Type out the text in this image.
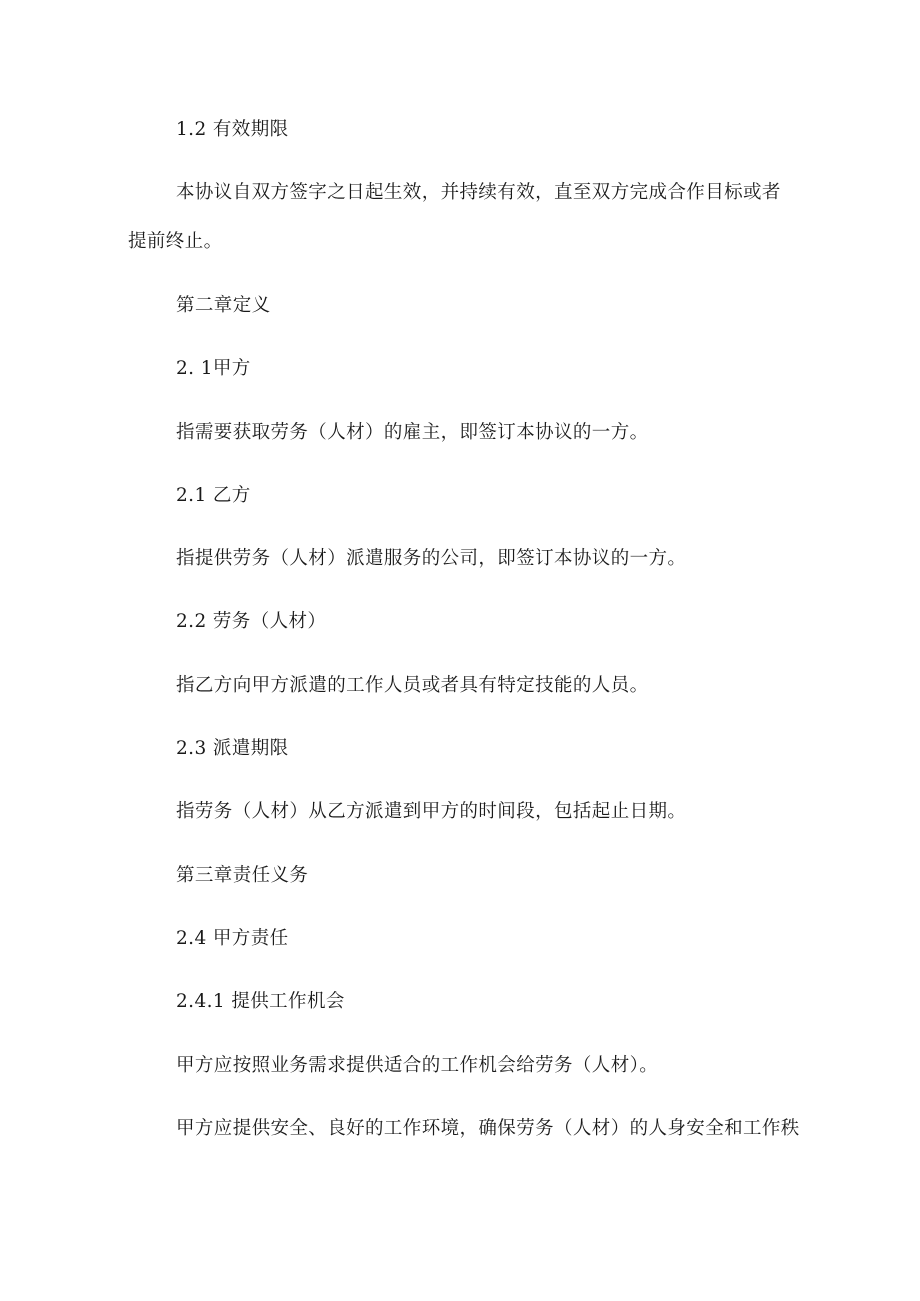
1.2 有效期限

本协议自双方签字之日起生效，并持续有效，直至双方完成合作目标或者

提前终止。

第二章定义

2. 1甲方

指需要获取劳务（人材）的雇主，即签订本协议的一方。

2.1 乙方

指提供劳务（人材）派遣服务的公司，即签订本协议的一方。

2.2 劳务（人材）

指乙方向甲方派遣的工作人员或者具有特定技能的人员。

2.3 派遣期限

指劳务（人材）从乙方派遣到甲方的时间段，包括起止日期。

第三章责任义务

2.4 甲方责任

2.4.1 提供工作机会

甲方应按照业务需求提供适合的工作机会给劳务（人材）。

甲方应提供安全、良好的工作环境，确保劳务（人材）的人身安全和工作秩
